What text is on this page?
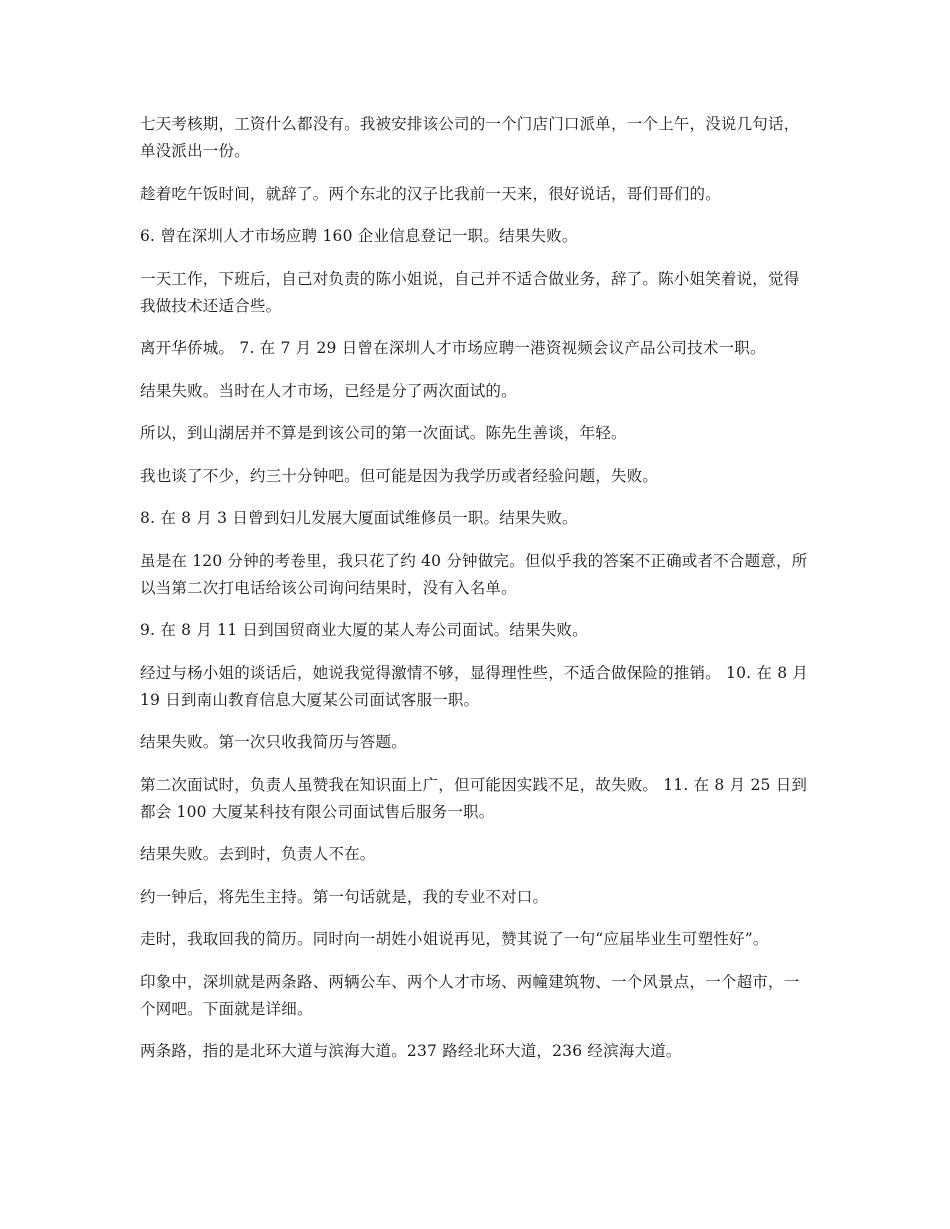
七天考核期，工资什么都没有。我被安排该公司的一个门店门口派单，一个上午，没说几句话，单没派出一份。

趁着吃午饭时间，就辞了。两个东北的汉子比我前一天来，很好说话，哥们哥们的。

6. 曾在深圳人才市场应聘 160 企业信息登记一职。结果失败。

一天工作，下班后，自己对负责的陈小姐说，自己并不适合做业务，辞了。陈小姐笑着说，觉得我做技术还适合些。

离开华侨城。 7. 在 7 月 29 日曾在深圳人才市场应聘一港资视频会议产品公司技术一职。

结果失败。当时在人才市场，已经是分了两次面试的。

所以，到山湖居并不算是到该公司的第一次面试。陈先生善谈，年轻。

我也谈了不少，约三十分钟吧。但可能是因为我学历或者经验问题，失败。

8. 在 8 月 3 日曾到妇儿发展大厦面试维修员一职。结果失败。

虽是在 120 分钟的考卷里，我只花了约 40 分钟做完。但似乎我的答案不正确或者不合题意，所以当第二次打电话给该公司询问结果时，没有入名单。

9. 在 8 月 11 日到国贸商业大厦的某人寿公司面试。结果失败。

经过与杨小姐的谈话后，她说我觉得激情不够，显得理性些，不适合做保险的推销。 10. 在 8 月 19 日到南山教育信息大厦某公司面试客服一职。

结果失败。第一次只收我简历与答题。

第二次面试时，负责人虽赞我在知识面上广，但可能因实践不足，故失败。 11. 在 8 月 25 日到都会 100 大厦某科技有限公司面试售后服务一职。

结果失败。去到时，负责人不在。

约一钟后，将先生主持。第一句话就是，我的专业不对口。

走时，我取回我的简历。同时向一胡姓小姐说再见，赞其说了一句“应届毕业生可塑性好”。

印象中，深圳就是两条路、两辆公车、两个人才市场、两幢建筑物、一个风景点，一个超市，一个网吧。下面就是详细。

两条路，指的是北环大道与滨海大道。237 路经北环大道，236 经滨海大道。
